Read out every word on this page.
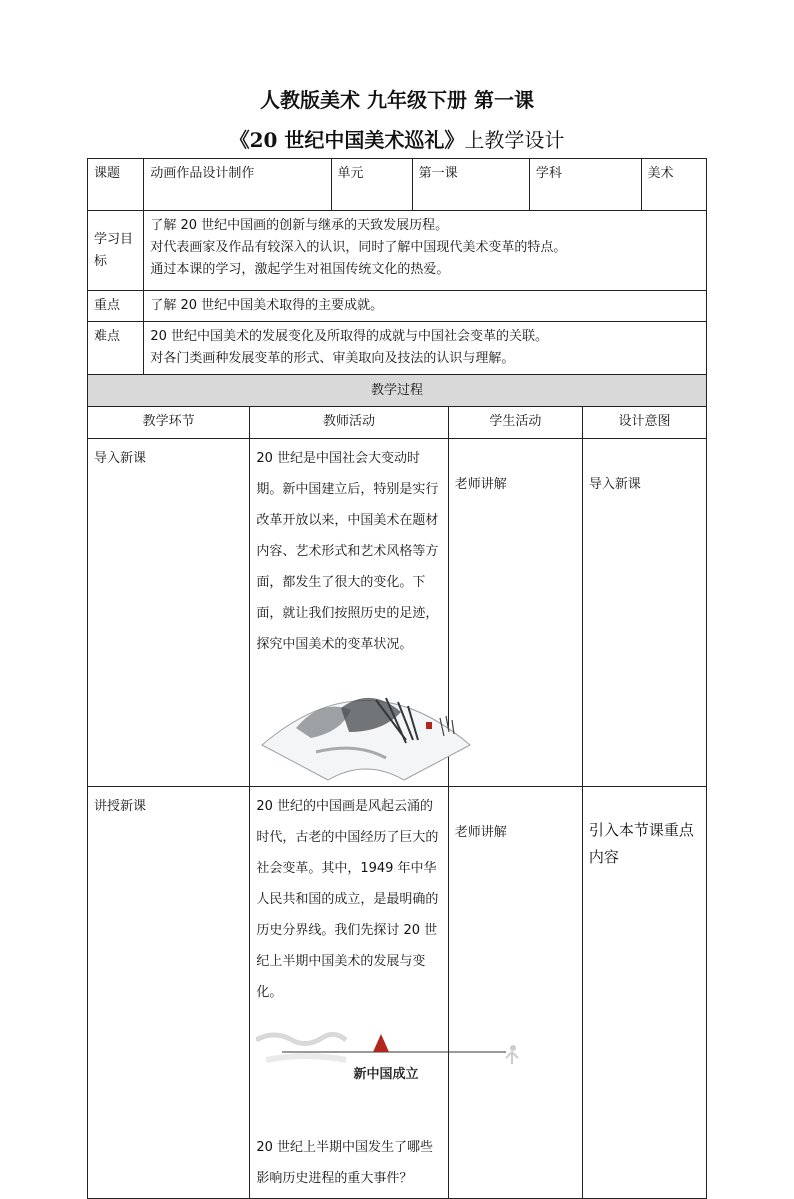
人教版美术 九年级下册 第一课
《20 世纪中国美术巡礼》上教学设计
课题	动画作品设计制作		单元	第一课		学科		美术
学习目标	了解 20 世纪中国画的创新与继承的天致发展历程。
对代表画家及作品有较深入的认识，同时了解中国现代美术变革的特点。
通过本课的学习，激起学生对祖国传统文化的热爱。							

重点	了解 20 世纪中国美术取得的主要成就。							
难点	20 世纪中国美术的发展变化及所取得的成就与中国社会变革的关联。
对各门类画种发展变革的形式、审美取向及技法的认识与理解。							

教学过程								
教学环节		教师活动			学生活动		设计意图	
导入新课		20 世纪是中国社会大变动时期。新中国建立后，特别是实行改革开放以来，中国美术在题材内容、艺术形式和艺术风格等方面，都发生了很大的变化。下面，就让我们按照历史的足迹，探究中国美术的变革状况。			老师讲解		导入新课	
讲授新课		20 世纪的中国画是风起云涌的时代，古老的中国经历了巨大的社会变革。其中，1949 年中华人民共和国的成立，是最明确的历史分界线。我们先探讨 20 世纪上半期中国美术的发展与变化。
新中国成立
20 世纪上半期中国发生了哪些影响历史进程的重大事件？			老师讲解		引入本节课重点内容	
